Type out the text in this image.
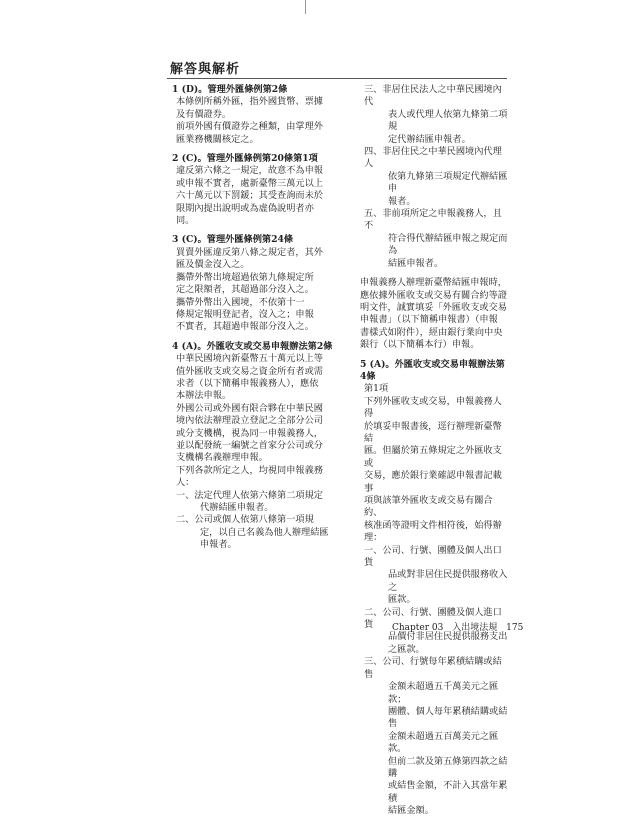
解答與解析
1 (D)。管理外匯條例第2條
本條例所稱外匯，指外國貨幣、票據
及有價證券。
前項外國有價證券之種類，由掌理外
匯業務機關核定之。
2 (C)。管理外匯條例第20條第1項
違反第六條之一規定，故意不為申報
或申報不實者，處新臺幣三萬元以上
六十萬元以下罰鍰；其受查詢而未於
限期內提出說明或為虛偽說明者亦
同。
3 (C)。管理外匯條例第24條
買賣外匯違反第八條之規定者，其外
匯及價金沒入之。
攜帶外幣出境超過依第九條規定所
定之限額者，其超過部分沒入之。
攜帶外幣出入國境，不依第十一
條規定報明登記者，沒入之；申報
不實者，其超過申報部分沒入之。
4 (A)。外匯收支或交易申報辦法第2條
中華民國境內新臺幣五十萬元以上等
值外匯收支或交易之資金所有者或需
求者（以下簡稱申報義務人），應依
本辦法申報。
外國公司或外國有限合夥在中華民國
境內依法辦理設立登記之全部分公司
或分支機構，視為同一申報義務人，
並以配發統一編號之首家分公司或分
支機構名義辦理申報。
下列各款所定之人，均視同申報義務
人：
一、法定代理人依第六條第二項規定
代辦結匯申報者。
二、公司或個人依第八條第一項規
定，以自己名義為他人辦理結匯
申報者。
三、非居住民法人之中華民國境內代
表人或代理人依第九條第二項規
定代辦結匯申報者。
四、非居住民之中華民國境內代理人
依第九條第三項規定代辦結匯申
報者。
五、非前項所定之申報義務人，且不
符合得代辦結匯申報之規定而為
結匯申報者。
申報義務人辦理新臺幣結匯申報時，
應依據外匯收支或交易有關合約等證
明文件，誠實填妥「外匯收支或交易
申報書」（以下簡稱申報書）（申報
書樣式如附件），經由銀行業向中央
銀行（以下簡稱本行）申報。
5 (A)。外匯收支或交易申報辦法第4條
第1項
下列外匯收支或交易，申報義務人得
於填妥申報書後，逕行辦理新臺幣結
匯。但屬於第五條規定之外匯收支或
交易，應於銀行業確認申報書記載事
項與該筆外匯收支或交易有關合約、
核准函等證明文件相符後，始得辦
理：
一、公司、行號、團體及個人出口貨
品或對非居住民提供服務收入之
匯款。
二、公司、行號、團體及個人進口貨
品價付非居住民提供服務支出
之匯款。
三、公司、行號每年累積結購或結售
金額未超過五千萬美元之匯款；
團體、個人每年累積結購或結售
金額未超過五百萬美元之匯款。
但前二款及第五條第四款之結購
或結售金額，不計入其當年累積
結匯金額。
Chapter 03 入出境法規 175
